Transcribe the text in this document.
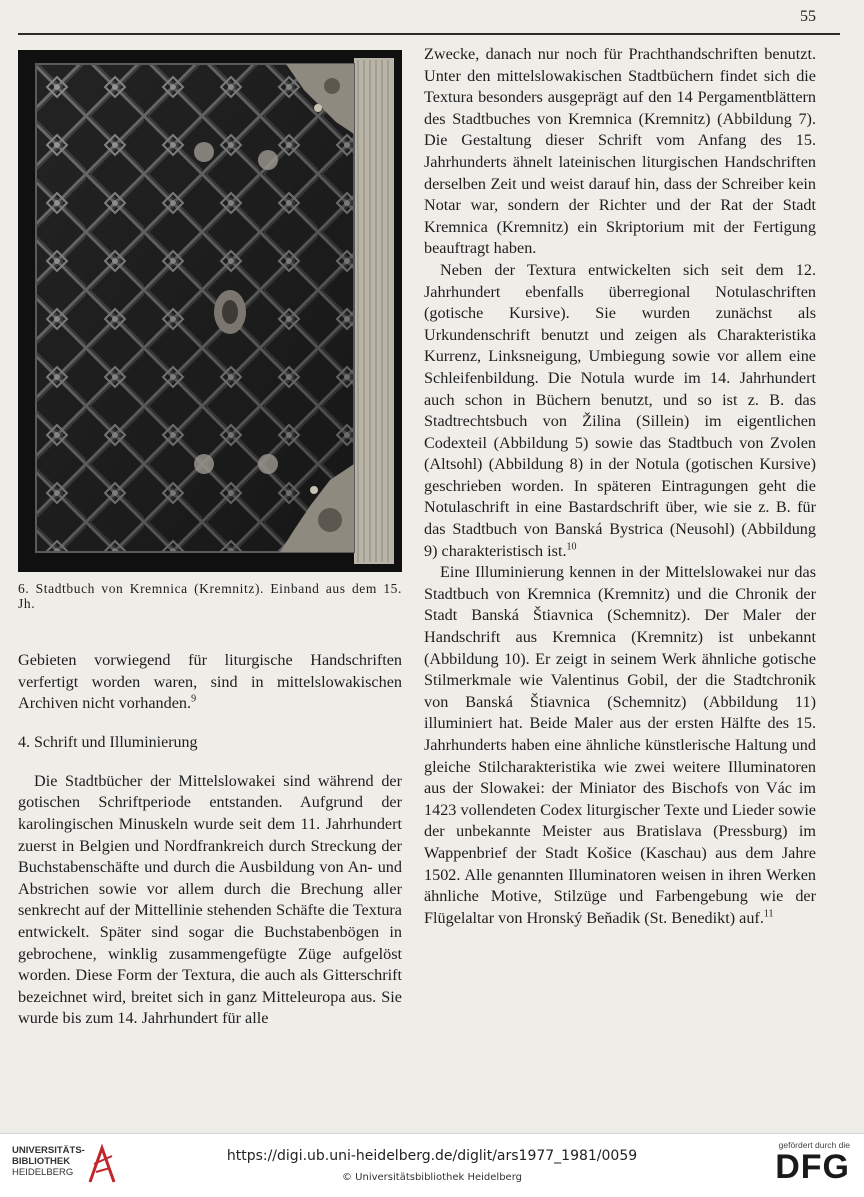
55
6. Stadtbuch von Kremnica (Kremnitz). Einband aus dem 15. Jh.

Gebieten vorwiegend für liturgische Handschriften verfertigt worden waren, sind in mittelslowakischen Archiven nicht vorhanden.$^9$

4. Schrift und Illuminierung

Die Stadtbücher der Mittelslowakei sind während der gotischen Schriftperiode entstanden. Aufgrund der karolingischen Minuskeln wurde seit dem 11. Jahrhundert zuerst in Belgien und Nordfrankreich durch Streckung der Buchstabenschäfte und durch die Ausbildung von An- und Abstrichen sowie vor allem durch die Brechung aller senkrecht auf der Mittellinie stehenden Schäfte die Textura entwickelt. Später sind sogar die Buchstabenbögen in gebrochene, winklig zusammengefügte Züge aufgelöst worden. Diese Form der Textura, die auch als Gitterschrift bezeichnet wird, breitet sich in ganz Mitteleuropa aus. Sie wurde bis zum 14. Jahrhundert für alle

Zwecke, danach nur noch für Prachthandschriften benutzt. Unter den mittelslowakischen Stadtbüchern findet sich die Textura besonders ausgeprägt auf den 14 Pergamentblättern des Stadtbuches von Kremnica (Kremnitz) (Abbildung 7). Die Gestaltung dieser Schrift vom Anfang des 15. Jahrhunderts ähnelt lateinischen liturgischen Handschriften derselben Zeit und weist darauf hin, dass der Schreiber kein Notar war, sondern der Richter und der Rat der Stadt Kremnica (Kremnitz) ein Skriptorium mit der Fertigung beauftragt haben.

Neben der Textura entwickelten sich seit dem 12. Jahrhundert ebenfalls überregional Notulaschriften (gotische Kursive). Sie wurden zunächst als Urkundenschrift benutzt und zeigen als Charakteristika Kurrenz, Linksneigung, Umbiegung sowie vor allem eine Schleifenbildung. Die Notula wurde im 14. Jahrhundert auch schon in Büchern benutzt, und so ist z. B. das Stadtrechtsbuch von Žilina (Sillein) im eigentlichen Codexteil (Abbildung 5) sowie das Stadtbuch von Zvolen (Altsohl) (Abbildung 8) in der Notula (gotischen Kursive) geschrieben worden. In späteren Eintragungen geht die Notulaschrift in eine Bastardschrift über, wie sie z. B. für das Stadtbuch von Banská Bystrica (Neusohl) (Abbildung 9) charakteristisch ist.$^{10}$

Eine Illuminierung kennen in der Mittelslowakei nur das Stadtbuch von Kremnica (Kremnitz) und die Chronik der Stadt Banská Štiavnica (Schemnitz). Der Maler der Handschrift aus Kremnica (Kremnitz) ist unbekannt (Abbildung 10). Er zeigt in seinem Werk ähnliche gotische Stilmerkmale wie Valentinus Gobil, der die Stadtchronik von Banská Štiavnica (Schemnitz) (Abbildung 11) illuminiert hat. Beide Maler aus der ersten Hälfte des 15. Jahrhunderts haben eine ähnliche künstlerische Haltung und gleiche Stilcharakteristika wie zwei weitere Illuminatoren aus der Slowakei: der Miniator des Bischofs von Vác im 1423 vollendeten Codex liturgischer Texte und Lieder sowie der unbekannte Meister aus Bratislava (Pressburg) im Wappenbrief der Stadt Košice (Kaschau) aus dem Jahre 1502. Alle genannten Illuminatoren weisen in ihren Werken ähnliche Motive, Stilzüge und Farbengebung wie der Flügelaltar von Hronský Beňadik (St. Benedikt) auf.$^{11}$

UNIVERSITÄTS-
BIBLIOTHEK
HEIDELBERG
https://digi.ub.uni-heidelberg.de/diglit/ars1977_1981/0059
© Universitätsbibliothek Heidelberg
gefördert durch die
DFG
